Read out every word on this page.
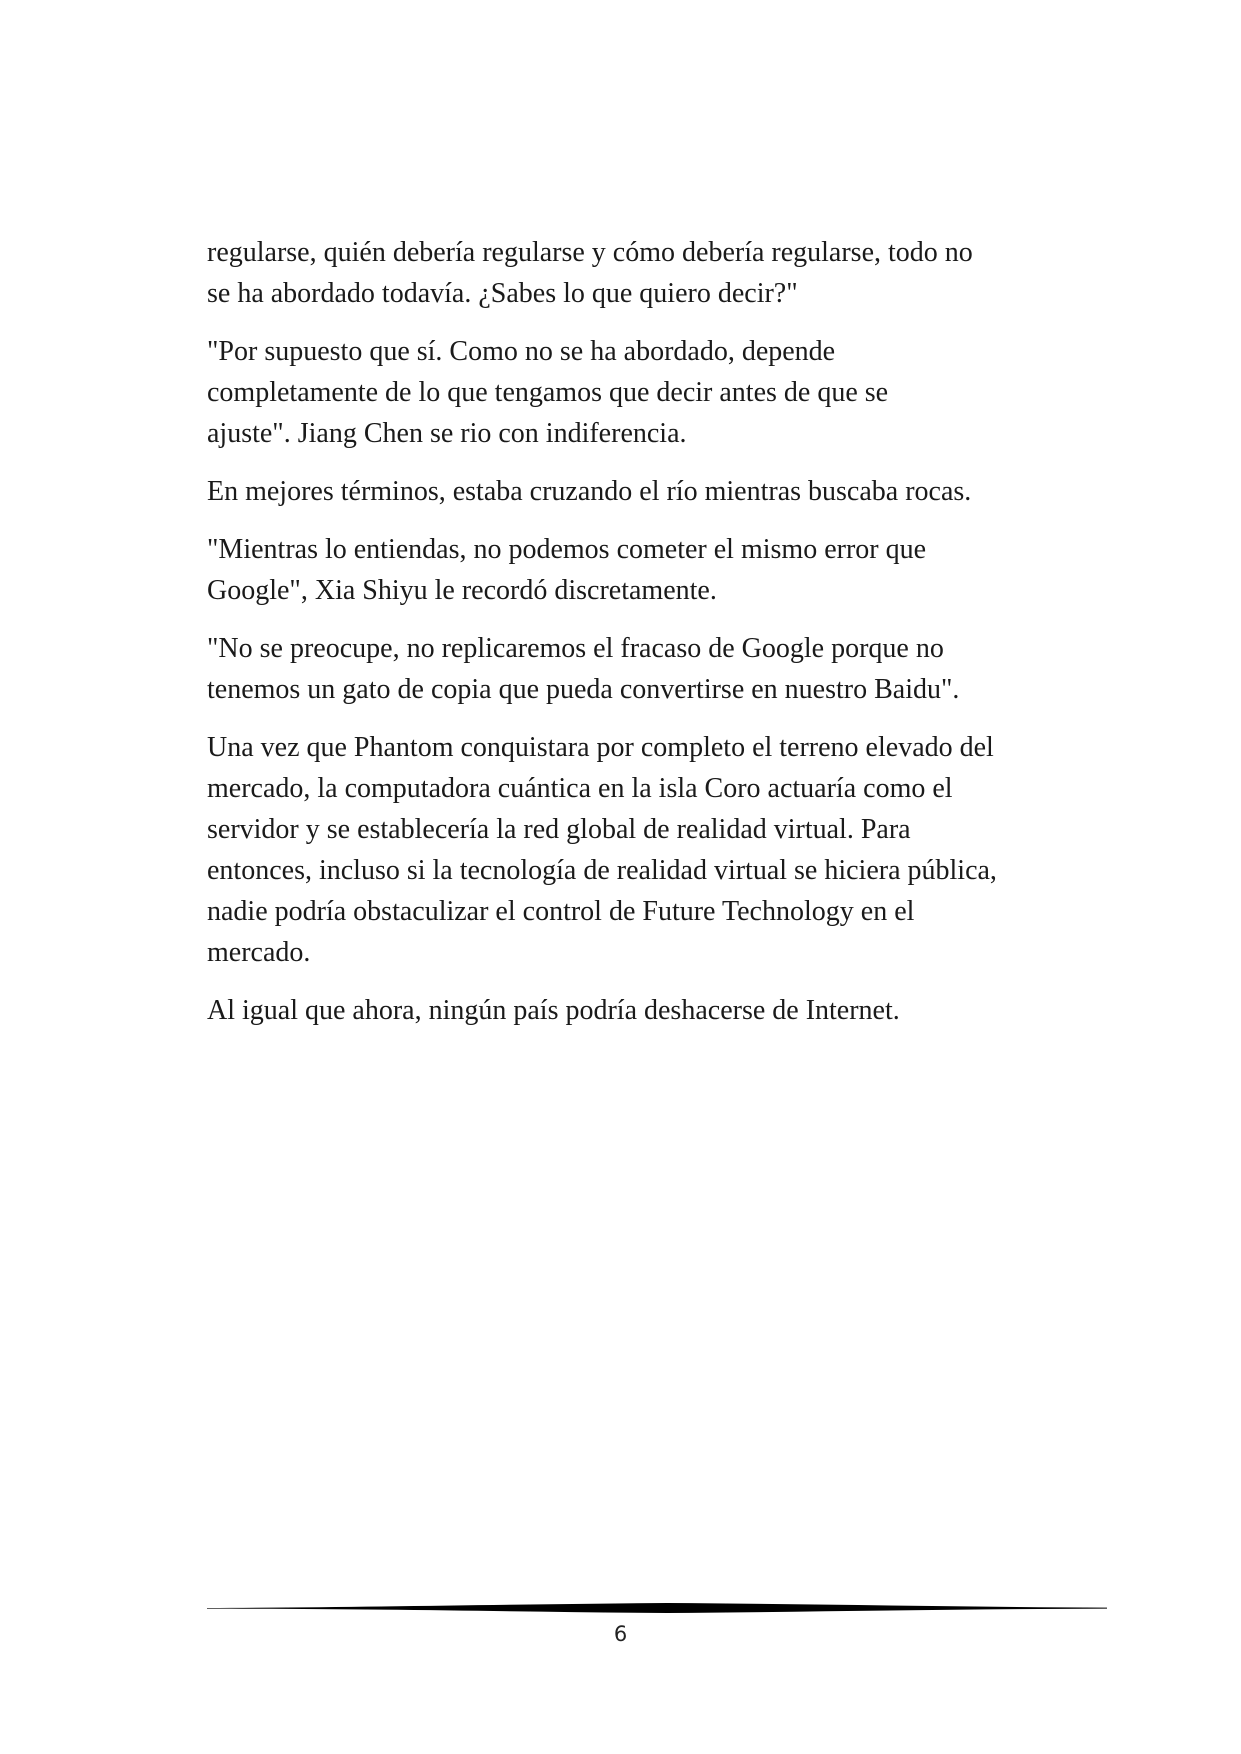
regularse, quién debería regularse y cómo debería regularse, todo no
se ha abordado todavía. ¿Sabes lo que quiero decir?"

"Por supuesto que sí. Como no se ha abordado, depende
completamente de lo que tengamos que decir antes de que se
ajuste". Jiang Chen se rio con indiferencia.

En mejores términos, estaba cruzando el río mientras buscaba rocas.

"Mientras lo entiendas, no podemos cometer el mismo error que
Google", Xia Shiyu le recordó discretamente.

"No se preocupe, no replicaremos el fracaso de Google porque no
tenemos un gato de copia que pueda convertirse en nuestro Baidu".

Una vez que Phantom conquistara por completo el terreno elevado del
mercado, la computadora cuántica en la isla Coro actuaría como el
servidor y se establecería la red global de realidad virtual. Para
entonces, incluso si la tecnología de realidad virtual se hiciera pública,
nadie podría obstaculizar el control de Future Technology en el
mercado.

Al igual que ahora, ningún país podría deshacerse de Internet.

6
